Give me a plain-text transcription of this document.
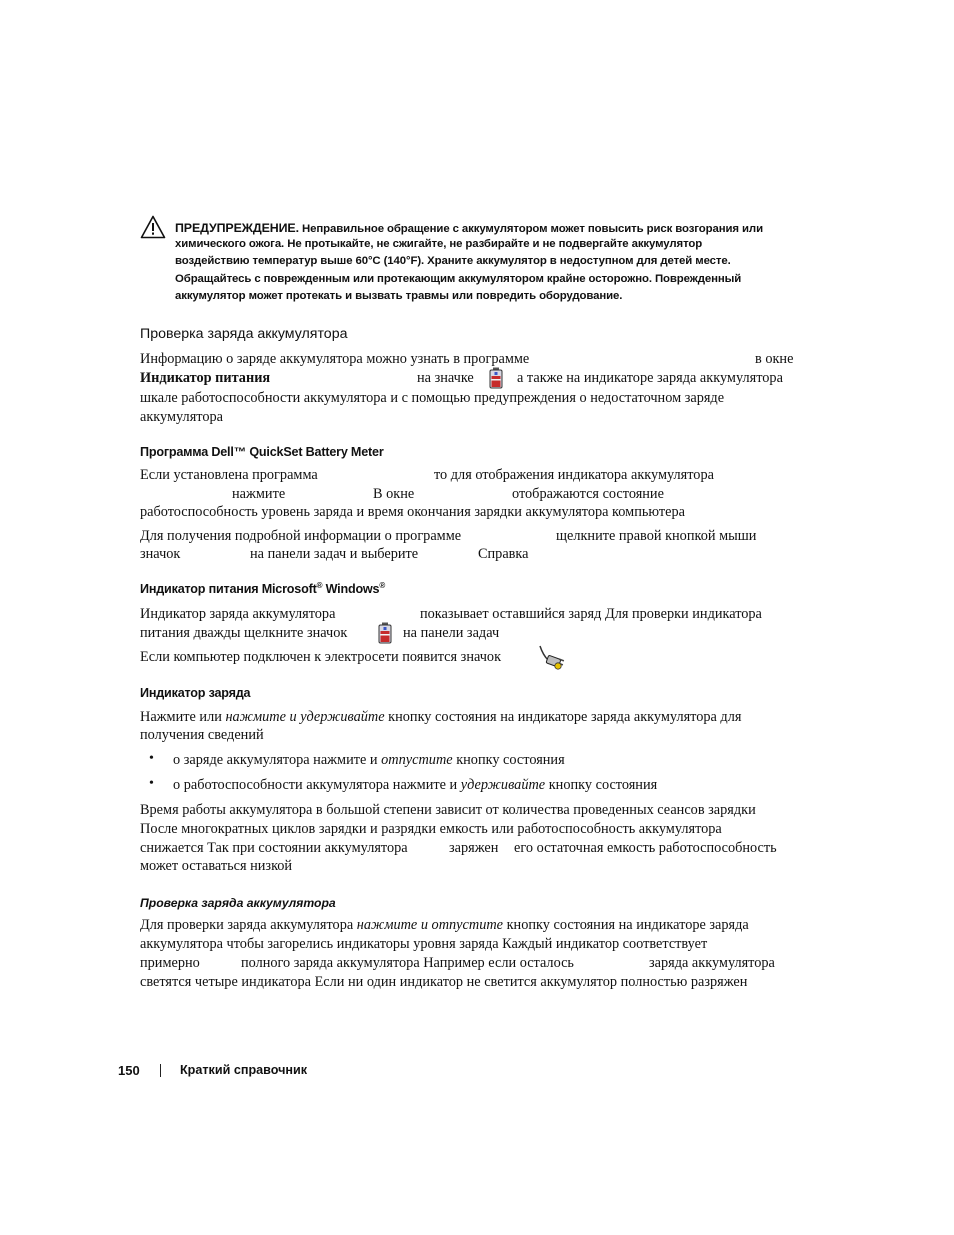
ПРЕДУПРЕЖДЕНИЕ. Неправильное обращение с аккумулятором может повысить риск возгорания или
химического ожога. Не протыкайте, не сжигайте, не разбирайте и не подвергайте аккумулятор
воздействию температур выше 60°C (140°F). Храните аккумулятор в недоступном для детей месте.
Обращайтесь с поврежденным или протекающим аккумулятором крайне осторожно. Поврежденный
аккумулятор может протекать и вызвать травмы или повредить оборудование.
Проверка заряда аккумулятора
Информацию о заряде аккумулятора можно узнать в программе	в окне
Индикатор питания	на значке	а также на индикаторе заряда аккумулятора
шкале работоспособности аккумулятора и с помощью предупреждения о недостаточном заряде
аккумулятора
Программа Dell™ QuickSet Battery Meter
Если установлена программа	то для отображения индикатора аккумулятора
нажмите	В окне	отображаются состояние
работоспособность уровень заряда и время окончания зарядки аккумулятора компьютера
Для получения подробной информации о программе	щелкните правой кнопкой мыши
значок	на панели задач и выберите	Справка
Индикатор питания Microsoft® Windows®
Индикатор заряда аккумулятора	показывает оставшийся заряд Для проверки индикатора
питания дважды щелкните значок	на панели задач
Если компьютер подключен к электросети появится значок
Индикатор заряда
Нажмите или нажмите и удерживайте кнопку состояния на индикаторе заряда аккумулятора для
получения сведений
• о заряде аккумулятора нажмите и отпустите кнопку состояния
• о работоспособности аккумулятора нажмите и удерживайте кнопку состояния
Время работы аккумулятора в большой степени зависит от количества проведенных сеансов зарядки
После многократных циклов зарядки и разрядки емкость или работоспособность аккумулятора
снижается Так при состоянии аккумулятора	заряжен его остаточная емкость работоспособность
может оставаться низкой
Проверка заряда аккумулятора
Для проверки заряда аккумулятора нажмите и отпустите кнопку состояния на индикаторе заряда
аккумулятора чтобы загорелись индикаторы уровня заряда Каждый индикатор соответствует
примерно	полного заряда аккумулятора Например если осталось	заряда аккумулятора
светятся четыре индикатора Если ни один индикатор не светится аккумулятор полностью разряжен
150	Краткий справочник
